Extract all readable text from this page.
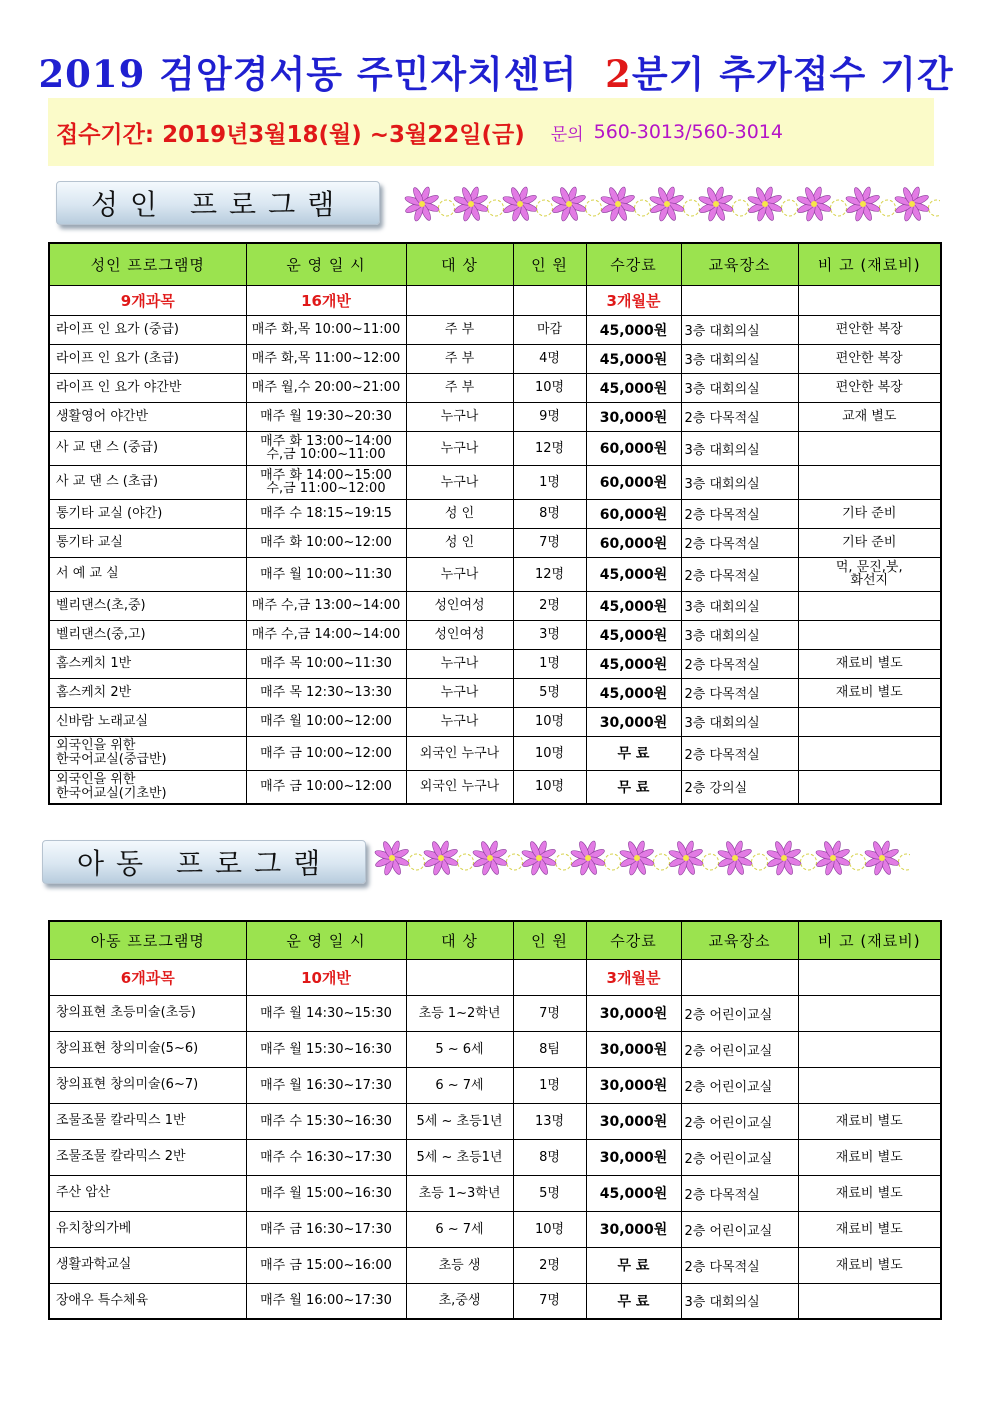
2019 검암경서동 주민자치센터 2분기 추가접수 기간
접수기간: 2019년3월18(월) ~3월22일(금) 문의 560-3013/560-3014
성인 프로그램
성인 프로그램명	운 영 일 시	대 상	인 원	수강료	교육장소	비 고 (재료비)
9개과목	16개반			3개월분		

라이프 인 요가 (중급)	매주 화,목 10:00~11:00	주 부	마감	45,000원	3층 대회의실	편안한 복장

라이프 인 요가 (초급)	매주 화,목 11:00~12:00	주 부	4명	45,000원	3층 대회의실	편안한 복장

라이프 인 요가 야간반	매주 월,수 20:00~21:00	주 부	10명	45,000원	3층 대회의실	편안한 복장

생활영어 야간반	매주 월 19:30~20:30	누구나	9명	30,000원	2층 다목적실	교재 별도

사 교 댄 스 (중급)	매주 화 13:00~14:00
수,금 10:00~11:00	누구나	12명	60,000원	3층 대회의실	

사 교 댄 스 (초급)	매주 화 14:00~15:00
수,금 11:00~12:00	누구나	1명	60,000원	3층 대회의실	

통기타 교실 (야간)	매주 수 18:15~19:15	성 인	8명	60,000원	2층 다목적실	기타 준비

통기타 교실	매주 화 10:00~12:00	성 인	7명	60,000원	2층 다목적실	기타 준비

서 예 교 실	매주 월 10:00~11:30	누구나	12명	45,000원	2층 다목적실	먹, 문진,붓,
화선지

벨리댄스(초,중)	매주 수,금 13:00~14:00	성인여성	2명	45,000원	3층 대회의실	

벨리댄스(중,고)	매주 수,금 14:00~14:00	성인여성	3명	45,000원	3층 대회의실	

홈스케치 1반	매주 목 10:00~11:30	누구나	1명	45,000원	2층 다목적실	재료비 별도

홈스케치 2반	매주 목 12:30~13:30	누구나	5명	45,000원	2층 다목적실	재료비 별도

신바람 노래교실	매주 월 10:00~12:00	누구나	10명	30,000원	3층 대회의실	

외국인을 위한
한국어교실(중급반)	매주 금 10:00~12:00	외국인 누구나	10명	무 료	2층 다목적실	

외국인을 위한
한국어교실(기초반)	매주 금 10:00~12:00	외국인 누구나	10명	무 료	2층 강의실	
아동 프로그램
아동 프로그램명	운 영 일 시	대 상	인 원	수강료	교육장소	비 고 (재료비)
6개과목	10개반			3개월분		

창의표현 초등미술(초등)	매주 월 14:30~15:30	초등 1~2학년	7명	30,000원	2층 어린이교실	

창의표현 창의미술(5~6)	매주 월 15:30~16:30	5 ~ 6세	8팀	30,000원	2층 어린이교실	

창의표현 창의미술(6~7)	매주 월 16:30~17:30	6 ~ 7세	1명	30,000원	2층 어린이교실	

조물조물 칼라믹스 1반	매주 수 15:30~16:30	5세 ~ 초등1년	13명	30,000원	2층 어린이교실	재료비 별도

조물조물 칼라믹스 2반	매주 수 16:30~17:30	5세 ~ 초등1년	8명	30,000원	2층 어린이교실	재료비 별도

주산 암산	매주 월 15:00~16:30	초등 1~3학년	5명	45,000원	2층 다목적실	재료비 별도

유치창의가베	매주 금 16:30~17:30	6 ~ 7세	10명	30,000원	2층 어린이교실	재료비 별도

생활과학교실	매주 금 15:00~16:00	초등 생	2명	무 료	2층 다목적실	재료비 별도

장애우 특수체육	매주 월 16:00~17:30	초,중생	7명	무 료	3층 대회의실	
